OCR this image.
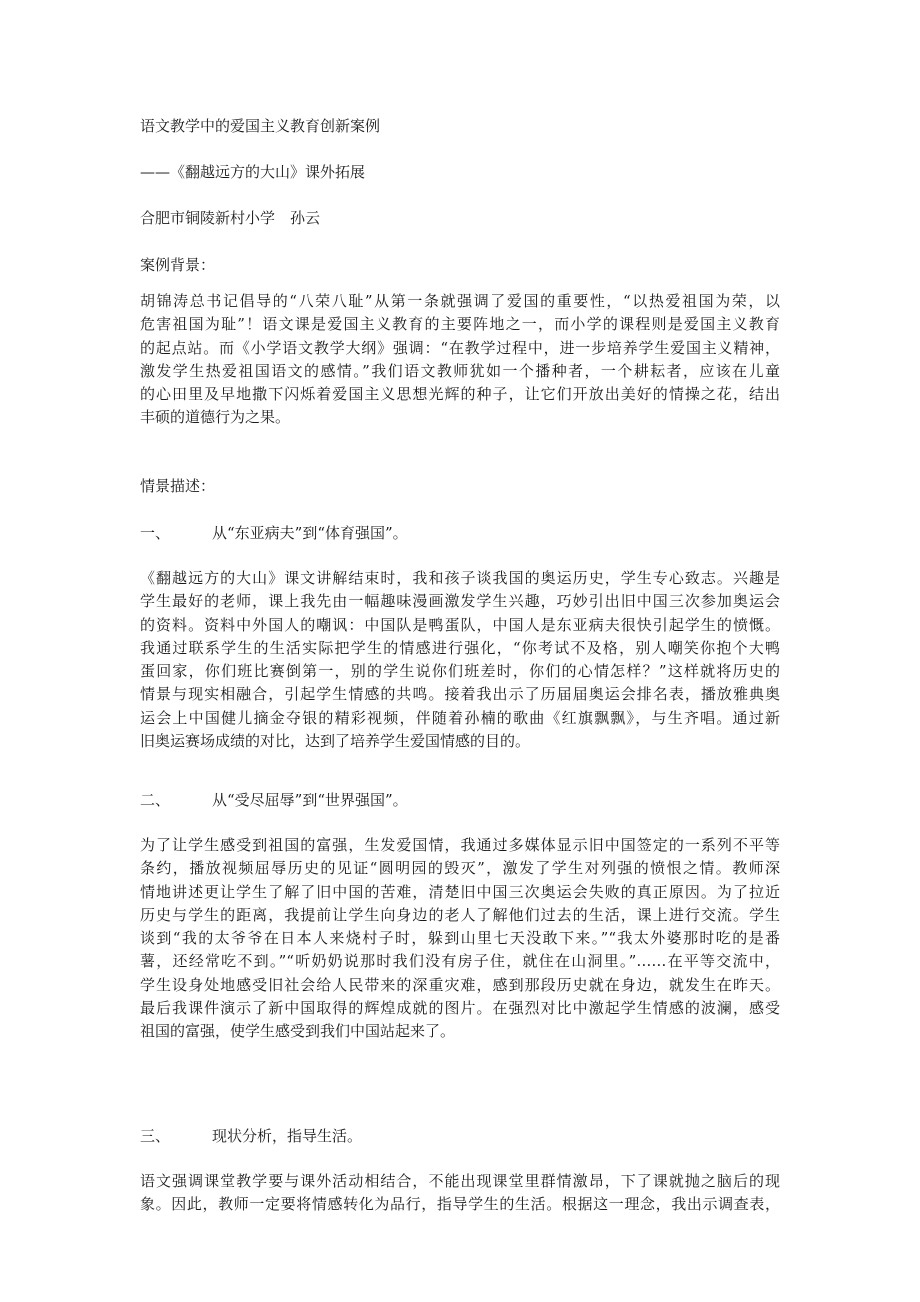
语文教学中的爱国主义教育创新案例
——《翻越远方的大山》课外拓展
合肥市铜陵新村小学　孙云
案例背景：
胡锦涛总书记倡导的“八荣八耻”从第一条就强调了爱国的重要性，“以热爱祖国为荣，以
危害祖国为耻”！语文课是爱国主义教育的主要阵地之一，而小学的课程则是爱国主义教育
的起点站。而《小学语文教学大纲》强调：“在教学过程中，进一步培养学生爱国主义精神，
激发学生热爱祖国语文的感情。”我们语文教师犹如一个播种者，一个耕耘者，应该在儿童
的心田里及早地撒下闪烁着爱国主义思想光辉的种子，让它们开放出美好的情操之花，结出
丰硕的道德行为之果。
情景描述：
一、	从“东亚病夫”到“体育强国”。
《翻越远方的大山》课文讲解结束时，我和孩子谈我国的奥运历史，学生专心致志。兴趣是
学生最好的老师，课上我先由一幅趣味漫画激发学生兴趣，巧妙引出旧中国三次参加奥运会
的资料。资料中外国人的嘲讽：中国队是鸭蛋队，中国人是东亚病夫很快引起学生的愤慨。
我通过联系学生的生活实际把学生的情感进行强化，“你考试不及格，别人嘲笑你抱个大鸭
蛋回家，你们班比赛倒第一，别的学生说你们班差时，你们的心情怎样？”这样就将历史的
情景与现实相融合，引起学生情感的共鸣。接着我出示了历届届奥运会排名表，播放雅典奥
运会上中国健儿摘金夺银的精彩视频，伴随着孙楠的歌曲《红旗飘飘》，与生齐唱。通过新
旧奥运赛场成绩的对比，达到了培养学生爱国情感的目的。
二、	从“受尽屈辱”到“世界强国”。
为了让学生感受到祖国的富强，生发爱国情，我通过多媒体显示旧中国签定的一系列不平等
条约，播放视频屈辱历史的见证“圆明园的毁灭”，激发了学生对列强的愤恨之情。教师深
情地讲述更让学生了解了旧中国的苦难，清楚旧中国三次奥运会失败的真正原因。为了拉近
历史与学生的距离，我提前让学生向身边的老人了解他们过去的生活，课上进行交流。学生
谈到“我的太爷爷在日本人来烧村子时，躲到山里七天没敢下来。”“我太外婆那时吃的是番
薯，还经常吃不到。”“听奶奶说那时我们没有房子住，就住在山洞里。”……在平等交流中，
学生设身处地感受旧社会给人民带来的深重灾难，感到那段历史就在身边，就发生在昨天。
最后我课件演示了新中国取得的辉煌成就的图片。在强烈对比中激起学生情感的波澜，感受
祖国的富强，使学生感受到我们中国站起来了。
三、	现状分析，指导生活。
语文强调课堂教学要与课外活动相结合，不能出现课堂里群情激昂，下了课就抛之脑后的现
象。因此，教师一定要将情感转化为品行，指导学生的生活。根据这一理念，我出示调查表，
